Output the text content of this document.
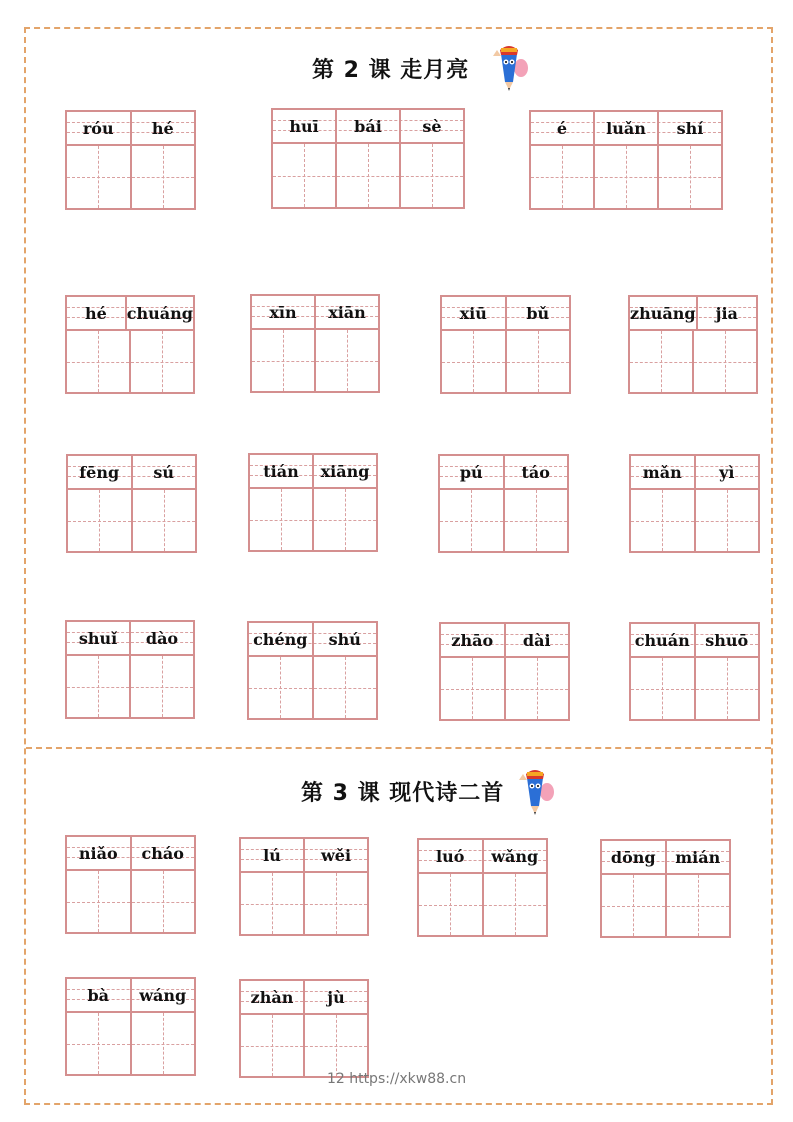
第 2 课 走月亮
róu	hé	huī	bái	sè	é	luǎn	shí
hé	chuáng	xīn	xiān	xiū	bǔ	zhuāng	jia
fēng	sú	tián	xiāng	pú	táo	mǎn	yì
shuǐ	dào	chéng	shú	zhāo	dài	chuán shuō
第 3 课 现代诗二首
niǎo	cháo	lú	wěi	luó	wǎng	dōng	mián
bà	wáng	zhàn	jù
12 https://xkw88.cn
